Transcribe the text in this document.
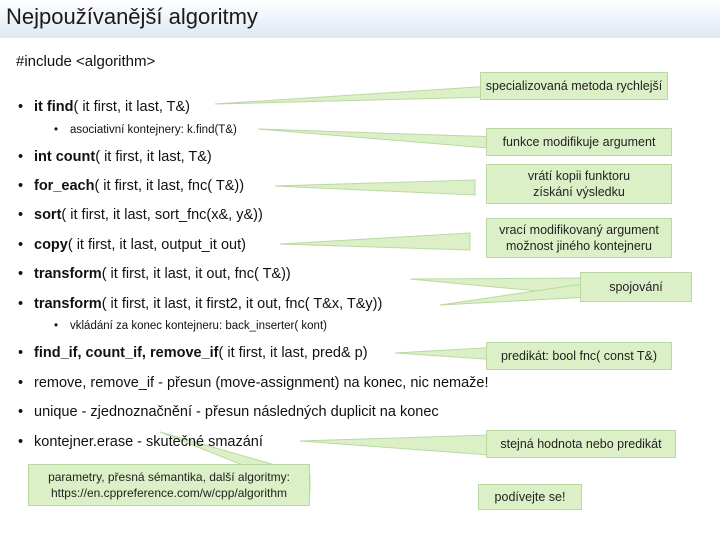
Nejpoužívanější algoritmy
#include <algorithm>
• it find( it first, it last, T&)
• asociativní kontejnery: k.find(T&)
• int count( it first, it last, T&)
• for_each( it first, it last, fnc( T&))
• sort( it first, it last, sort_fnc(x&, y&))
• copy( it first, it last, output_it out)
• transform( it first, it last, it out, fnc( T&))
• transform( it first, it last, it first2, it out, fnc( T&x, T&y))
• vkládání za konec kontejneru: back_inserter( kont)
• find_if, count_if, remove_if( it first, it last, pred& p)
• remove, remove_if - přesun (move-assignment) na konec, nic nemaže!
• unique - zjednoznačnění - přesun následných duplicit na konec
• kontejner.erase - skutečné smazání
specializovaná metoda rychlejší
funkce modifikuje argument
vrátí kopii funktoru
získání výsledku
vrací modifikovaný argument
možnost jiného kontejneru
spojování
predikát: bool fnc( const T&)
stejná hodnota nebo predikát
parametry, přesná sémantika, další algoritmy:
https://en.cppreference.com/w/cpp/algorithm	podívejte se!
